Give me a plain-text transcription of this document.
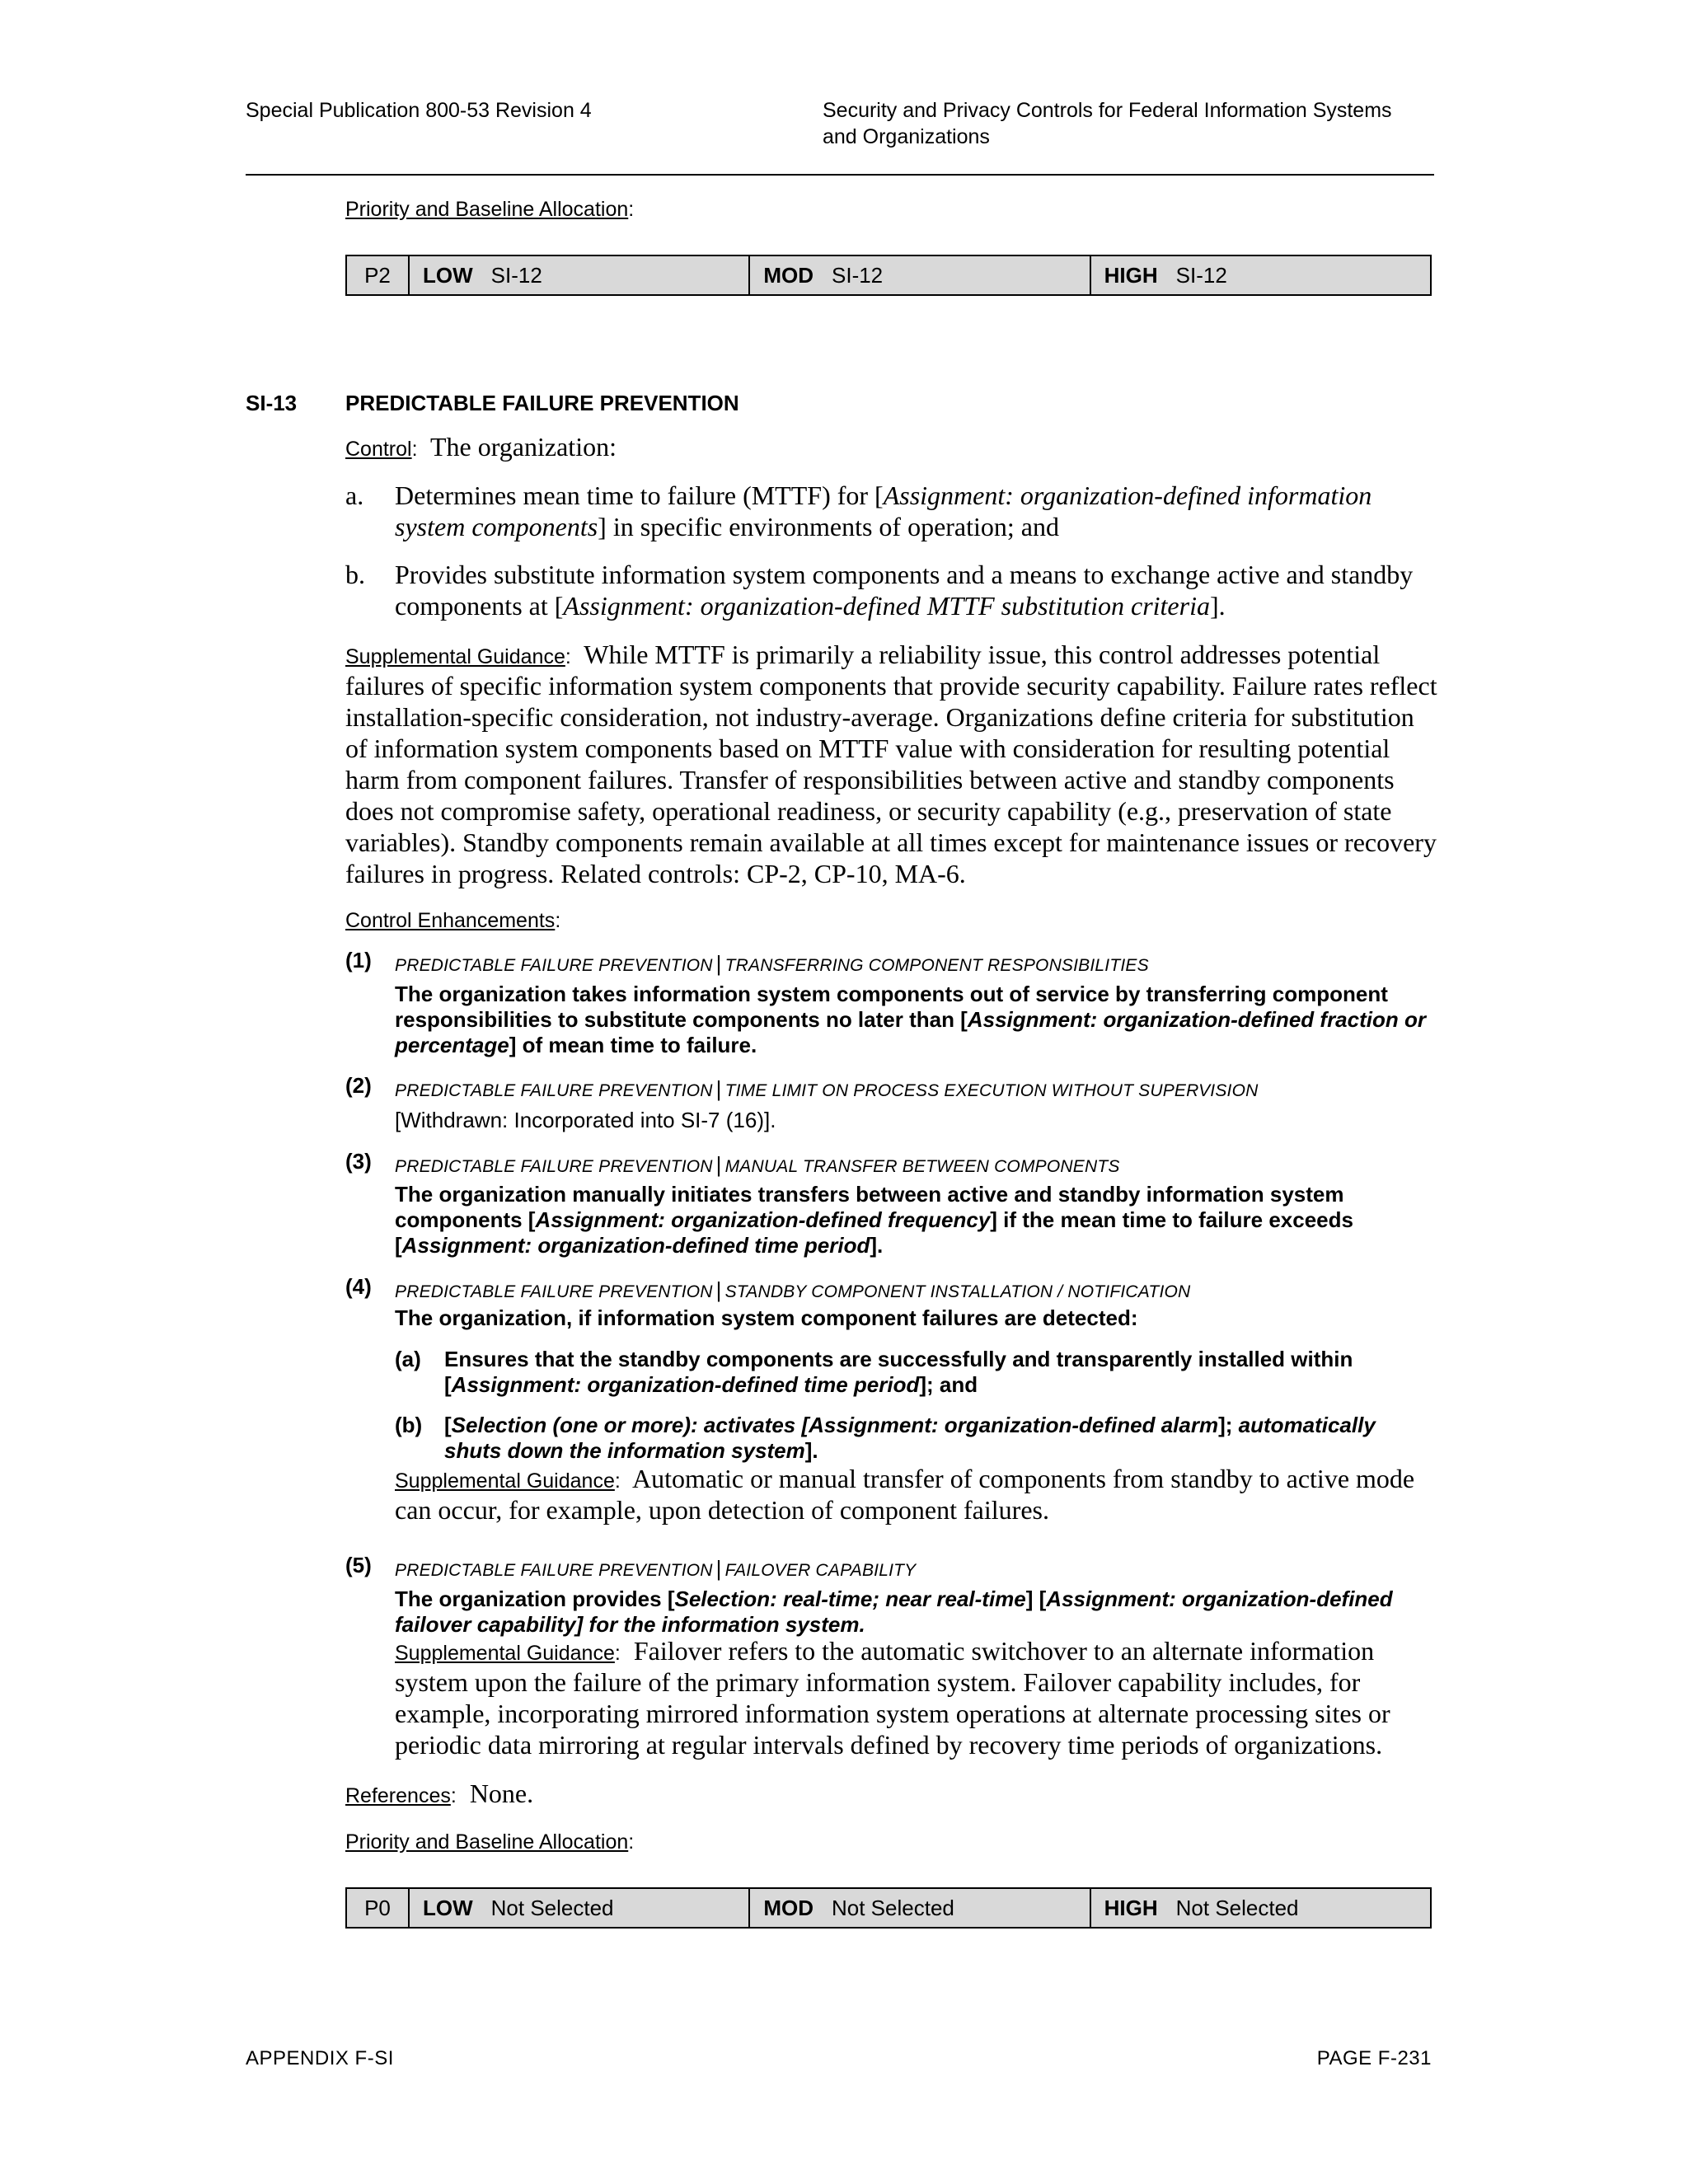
Special Publication 800-53 Revision 4	Security and Privacy Controls for Federal Information Systems
and Organizations
Priority and Baseline Allocation:
P2	LOW SI-12	MOD SI-12	HIGH SI-12
SI-13 PREDICTABLE FAILURE PREVENTION
Control: The organization:
a. Determines mean time to failure (MTTF) for [Assignment: organization-defined information system components] in specific environments of operation; and
b. Provides substitute information system components and a means to exchange active and standby components at [Assignment: organization-defined MTTF substitution criteria].
Supplemental Guidance: While MTTF is primarily a reliability issue, this control addresses potential failures of specific information system components that provide security capability. Failure rates reflect installation-specific consideration, not industry-average. Organizations define criteria for substitution of information system components based on MTTF value with consideration for resulting potential harm from component failures. Transfer of responsibilities between active and standby components does not compromise safety, operational readiness, or security capability (e.g., preservation of state variables). Standby components remain available at all times except for maintenance issues or recovery failures in progress. Related controls: CP-2, CP-10, MA-6.
Control Enhancements:
(1) PREDICTABLE FAILURE PREVENTION | TRANSFERRING COMPONENT RESPONSIBILITIES
The organization takes information system components out of service by transferring component responsibilities to substitute components no later than [Assignment: organization-defined fraction or percentage] of mean time to failure.
(2) PREDICTABLE FAILURE PREVENTION | TIME LIMIT ON PROCESS EXECUTION WITHOUT SUPERVISION
[Withdrawn: Incorporated into SI-7 (16)].
(3) PREDICTABLE FAILURE PREVENTION | MANUAL TRANSFER BETWEEN COMPONENTS
The organization manually initiates transfers between active and standby information system components [Assignment: organization-defined frequency] if the mean time to failure exceeds [Assignment: organization-defined time period].
(4) PREDICTABLE FAILURE PREVENTION | STANDBY COMPONENT INSTALLATION / NOTIFICATION
The organization, if information system component failures are detected:
(a) Ensures that the standby components are successfully and transparently installed within [Assignment: organization-defined time period]; and
(b) [Selection (one or more): activates [Assignment: organization-defined alarm]; automatically shuts down the information system].
Supplemental Guidance: Automatic or manual transfer of components from standby to active mode can occur, for example, upon detection of component failures.
(5) PREDICTABLE FAILURE PREVENTION | FAILOVER CAPABILITY
The organization provides [Selection: real-time; near real-time] [Assignment: organization-defined failover capability] for the information system.
Supplemental Guidance: Failover refers to the automatic switchover to an alternate information system upon the failure of the primary information system. Failover capability includes, for example, incorporating mirrored information system operations at alternate processing sites or periodic data mirroring at regular intervals defined by recovery time periods of organizations.
References: None.
Priority and Baseline Allocation:
P0	LOW Not Selected	MOD Not Selected	HIGH Not Selected
APPENDIX F-SI	PAGE F-231
